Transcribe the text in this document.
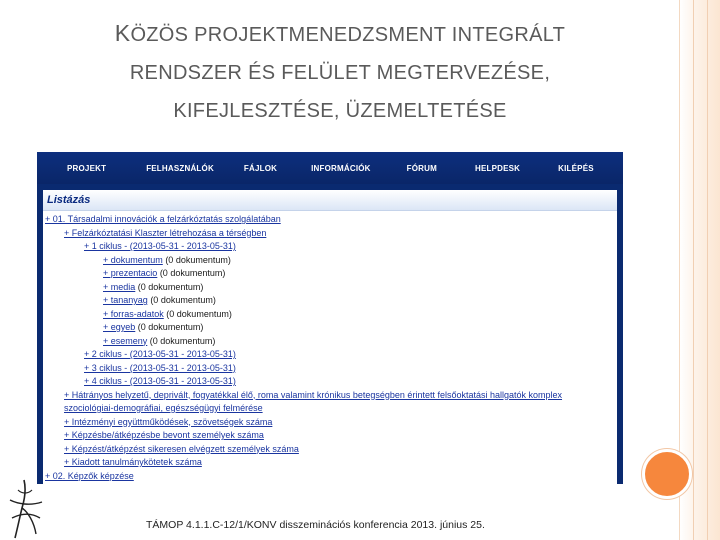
KÖZÖS PROJEKTMENEDZSMENT INTEGRÁLT
RENDSZER ÉS FELÜLET MEGTERVEZÉSE,
KIFEJLESZTÉSE, ÜZEMELTETÉSE
PROJEKT	FELHASZNÁLÓK	FÁJLOK	INFORMÁCIÓK	FÓRUM	HELPDESK	KILÉPÉS
Listázás
+ 01. Társadalmi innovációk a felzárkóztatás szolgálatában
+ Felzárkóztatási Klaszter létrehozása a térségben
+ 1 ciklus - (2013-05-31 - 2013-05-31)
+ dokumentum (0 dokumentum)
+ prezentacio (0 dokumentum)
+ media (0 dokumentum)
+ tananyag (0 dokumentum)
+ forras-adatok (0 dokumentum)
+ egyeb (0 dokumentum)
+ esemeny (0 dokumentum)
+ 2 ciklus - (2013-05-31 - 2013-05-31)
+ 3 ciklus - (2013-05-31 - 2013-05-31)
+ 4 ciklus - (2013-05-31 - 2013-05-31)
+ Hátrányos helyzetű, deprivált, fogyatékkal élő, roma valamint krónikus betegségben érintett felsőoktatási hallgatók komplex szociológiai-demográfiai, egészségügyi felmérése
+ Intézményi együttműködések, szövetségek száma
+ Képzésbe/átképzésbe bevont személyek száma
+ Képzést/átképzést sikeresen elvégzett személyek száma
+ Kiadott tanulmánykötetek száma
+ 02. Képzők képzése
TÁMOP 4.1.1.C-12/1/KONV disszeminációs konferencia 2013. június 25.
